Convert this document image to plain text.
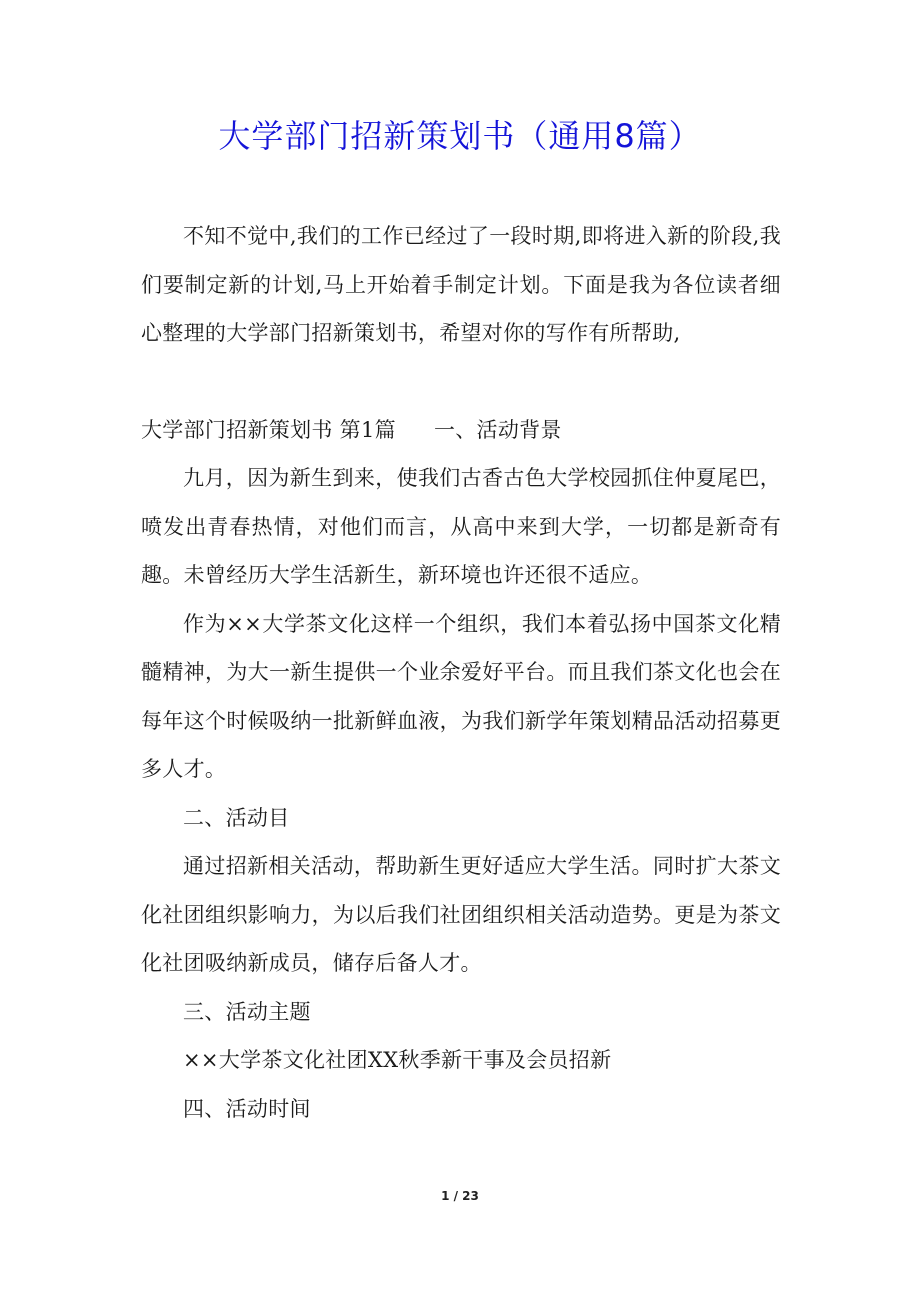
大学部门招新策划书（通用8篇）

不知不觉中,我们的工作已经过了一段时期,即将进入新的阶段,我们要制定新的计划,马上开始着手制定计划。下面是我为各位读者细心整理的大学部门招新策划书，希望对你的写作有所帮助,

大学部门招新策划书 第1篇 一、活动背景

九月，因为新生到来，使我们古香古色大学校园抓住仲夏尾巴，喷发出青春热情，对他们而言，从高中来到大学，一切都是新奇有趣。未曾经历大学生活新生，新环境也许还很不适应。

作为××大学茶文化这样一个组织，我们本着弘扬中国茶文化精髓精神，为大一新生提供一个业余爱好平台。而且我们茶文化也会在每年这个时候吸纳一批新鲜血液，为我们新学年策划精品活动招募更多人才。

二、活动目

通过招新相关活动，帮助新生更好适应大学生活。同时扩大茶文化社团组织影响力，为以后我们社团组织相关活动造势。更是为茶文化社团吸纳新成员，储存后备人才。

三、活动主题

××大学茶文化社团XX秋季新干事及会员招新

四、活动时间

1 / 23
